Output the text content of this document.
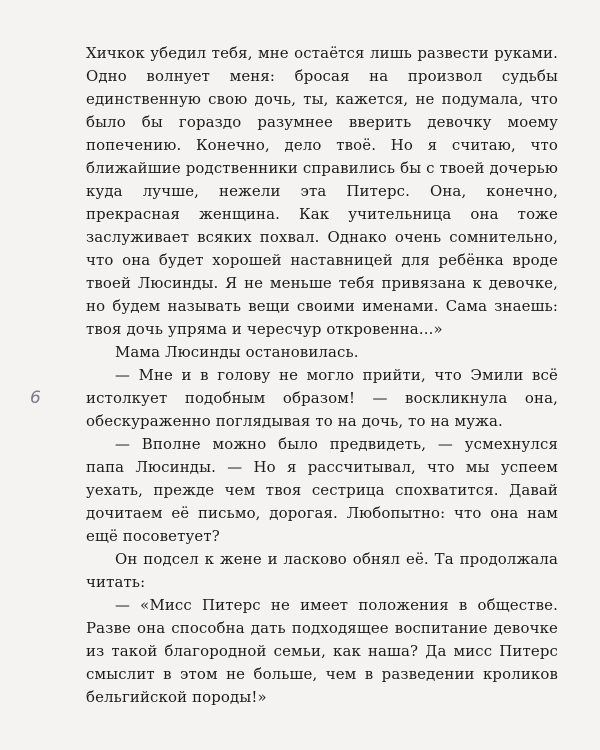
6

Хичкок убедил тебя, мне остаётся лишь развести руками. Одно волнует меня: бросая на произвол судьбы единственную свою дочь, ты, кажется, не подумала, что было бы гораздо разумнее вверить девочку моему попечению. Конечно, дело твоё. Но я считаю, что ближайшие родственники справились бы с твоей дочерью куда лучше, нежели эта Питерс. Она, конечно, прекрасная женщина. Как учительница она тоже заслуживает всяких похвал. Однако очень сомнительно, что она будет хорошей наставницей для ребёнка вроде твоей Люсинды. Я не меньше тебя привязана к девочке, но будем называть вещи своими именами. Сама знаешь: твоя дочь упряма и чересчур откровенна...»

Мама Люсинды остановилась.

— Мне и в голову не могло прийти, что Эмили всё истолкует подобным образом! — воскликнула она, обескураженно поглядывая то на дочь, то на мужа.

— Вполне можно было предвидеть, — усмехнулся папа Люсинды. — Но я рассчитывал, что мы успеем уехать, прежде чем твоя сестрица спохватится. Давай дочитаем её письмо, дорогая. Любопытно: что она нам ещё посоветует?

Он подсел к жене и ласково обнял её. Та продолжала читать:

— «Мисс Питерс не имеет положения в обществе. Разве она способна дать подходящее воспитание девочке из такой благородной семьи, как наша? Да мисс Питерс смыслит в этом не больше, чем в разведении кроликов бельгийской породы!»
